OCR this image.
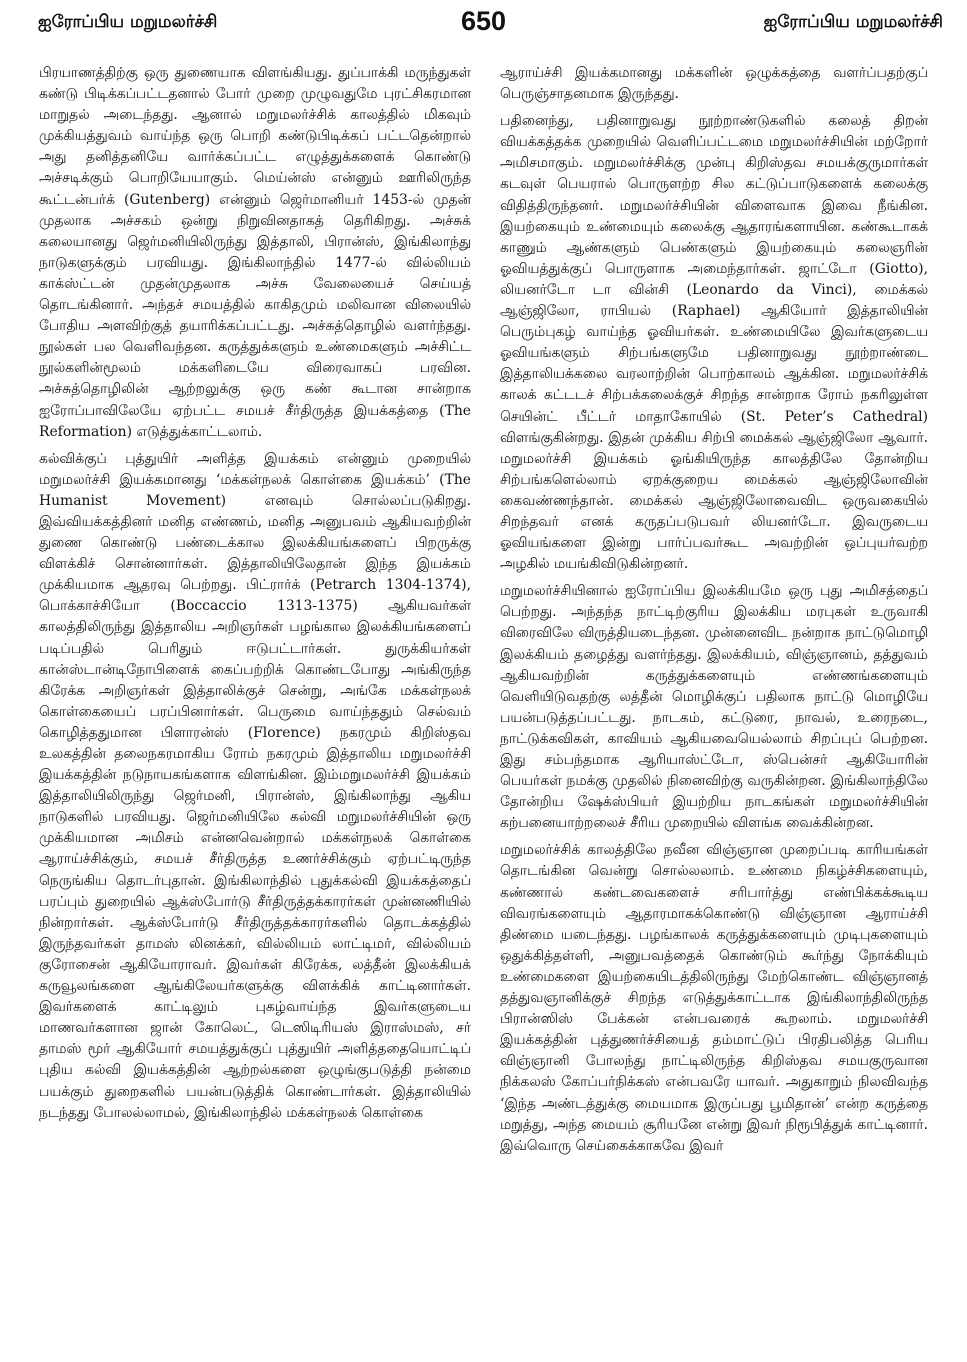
ஐரோப்பிய மறுமலர்ச்சி	650	ஐரோப்பிய மறுமலர்ச்சி

பிரயாணத்திற்கு ஒரு துணையாக விளங்கியது. துப்பாக்கி மருந்துகள் கண்டு பிடிக்கப்பட்டதனால் போர் முறை முழுவதுமே புரட்சிகரமான மாறுதல் அடைந்தது. ஆனால் மறுமலர்ச்சிக் காலத்தில் மிகவும் முக்கியத்துவம் வாய்ந்த ஒரு பொறி கண்டுபிடிக்கப் பட்டதென்றால் அது தனித்தனியே வார்க்கப்பட்ட எழுத்துக்களைக் கொண்டு அச்சடிக்கும் பொறியேயாகும். மெய்ன்ஸ் என்னும் ஊரிலிருந்த கூட்டன்பர்க் (Gutenberg) என்னும் ஜெர்மானியர் 1453-ல் முதன் முதலாக அச்சகம் ஒன்று நிறுவினதாகத் தெரிகிறது. அச்சுக் கலையானது ஜெர்மனியிலிருந்து இத்தாலி, பிரான்ஸ், இங்கிலாந்து நாடுகளுக்கும் பரவியது. இங்கிலாந்தில் 1477-ல் வில்லியம் காக்ஸ்ட்டன் முதன்முதலாக அச்சு வேலையைச் செய்யத் தொடங்கினார். அந்தச் சமயத்தில் காகிதமும் மலிவான விலையில் போதிய அளவிற்குத் தயாரிக்கப்பட்டது. அச்சுத்தொழில் வளர்ந்தது. நூல்கள் பல வெளிவந்தன. கருத்துக்களும் உண்மைகளும் அச்சிட்ட நூல்களின்மூலம் மக்களிடையே விரைவாகப் பரவின. அச்சுத்தொழிலின் ஆற்றலுக்கு ஒரு கண் கூடான சான்றாக ஐரோப்பாவிலேயே ஏற்பட்ட சமயச் சீர்திருத்த இயக்கத்தை (The Reformation) எடுத்துக்காட்டலாம்.

கல்விக்குப் புத்துயிர் அளித்த இயக்கம் என்னும் முறையில் மறுமலர்ச்சி இயக்கமானது ‘மக்கள்நலக் கொள்கை இயக்கம்’ (The Humanist Movement) எனவும் சொல்லப்படுகிறது. இவ்வியக்கத்தினர் மனித எண்ணம், மனித அனுபவம் ஆகியவற்றின் துணை கொண்டு பண்டைக்கால இலக்கியங்களைப் பிறருக்கு விளக்கிச் சொன்னார்கள். இத்தாலியிலேதான் இந்த இயக்கம் முக்கியமாக ஆதரவு பெற்றது. பிட்ரார்க் (Petrarch 1304-1374), பொக்காச்சியோ (Boccaccio 1313-1375) ஆகியவர்கள் காலத்திலிருந்து இத்தாலிய அறிஞர்கள் பழங்கால இலக்கியங்களைப் படிப்பதில் பெரிதும் ஈடுபட்டார்கள். துருக்கியர்கள் கான்ஸ்டான்டிநோபிளைக் கைப்பற்றிக் கொண்டபோது அங்கிருந்த கிரேக்க அறிஞர்கள் இத்தாலிக்குச் சென்று, அங்கே மக்கள்நலக் கொள்கையைப் பரப்பினார்கள். பெருமை வாய்ந்ததும் செல்வம் கொழித்ததுமான பிளாரன்ஸ் (Florence) நகரமும் கிறிஸ்தவ உலகத்தின் தலைநகரமாகிய ரோம் நகரமும் இத்தாலிய மறுமலர்ச்சி இயக்கத்தின் நடுநாயகங்களாக விளங்கின. இம்மறுமலர்ச்சி இயக்கம் இத்தாலியிலிருந்து ஜெர்மனி, பிரான்ஸ், இங்கிலாந்து ஆகிய நாடுகளில் பரவியது. ஜெர்மனியிலே கல்வி மறுமலர்ச்சியின் ஒரு முக்கியமான அமிசம் என்னவென்றால் மக்கள்நலக் கொள்கை ஆராய்ச்சிக்கும், சமயச் சீர்திருத்த உணர்ச்சிக்கும் ஏற்பட்டிருந்த நெருங்கிய தொடர்புதான். இங்கிலாந்தில் புதுக்கல்வி இயக்கத்தைப் பரப்பும் துறையில் ஆக்ஸ்போர்டு சீர்திருத்தக்காரர்கள் முன்னணியில் நின்றார்கள். ஆக்ஸ்போர்டு சீர்திருத்தக்காரர்களில் தொடக்கத்தில் இருந்தவர்கள் தாமஸ் லினக்கர், வில்லியம் லாட்டிமர், வில்லியம் குரோசைன் ஆகியோராவர். இவர்கள் கிரேக்க, லத்தீன் இலக்கியக் கருவூலங்களை ஆங்கிலேயர்களுக்கு விளக்கிக் காட்டினார்கள். இவர்களைக் காட்டிலும் புகழ்வாய்ந்த இவர்களுடைய மாணவர்களான ஜான் கோலெட், டெஸிடிரியஸ் இராஸ்மஸ், சர் தாமஸ் மூர் ஆகியோர் சமயத்துக்குப் புத்துயிர் அளித்ததையொட்டிப் புதிய கல்வி இயக்கத்தின் ஆற்றல்களை ஒழுங்குபடுத்தி நன்மை பயக்கும் துறைகளில் பயன்படுத்திக் கொண்டார்கள். இத்தாலியில் நடந்தது போலல்லாமல், இங்கிலாந்தில் மக்கள்நலக் கொள்கை

ஆராய்ச்சி இயக்கமானது மக்களின் ஒழுக்கத்தை வளர்ப்பதற்குப் பெருஞ்சாதனமாக இருந்தது.

பதினைந்து, பதினாறுவது நூற்றாண்டுகளில் கலைத் திறன் வியக்கத்தக்க முறையில் வெளிப்பட்டமை மறுமலர்ச்சியின் மற்றோர் அமிசமாகும். மறுமலர்ச்சிக்கு முன்பு கிறிஸ்தவ சமயக்குருமார்கள் கடவுள் பெயரால் பொருளற்ற சில கட்டுப்பாடுகளைக் கலைக்கு விதித்திருந்தனர். மறுமலர்ச்சியின் விளைவாக இவை நீங்கின. இயற்கையும் உண்மையும் கலைக்கு ஆதாரங்களாயின. கண்கூடாகக் காணும் ஆண்களும் பெண்களும் இயற்கையும் கலைஞரின் ஓவியத்துக்குப் பொருளாக அமைந்தார்கள். ஜாட்டோ (Giotto), லியனர்டோ டா வின்சி (Leonardo da Vinci), மைக்கல் ஆஞ்ஜிலோ, ராபியல் (Raphael) ஆகியோர் இத்தாலியின் பெரும்புகழ் வாய்ந்த ஓவியர்கள். உண்மையிலே இவர்களுடைய ஓவியங்களும் சிற்பங்களுமே பதினாறுவது நூற்றாண்டை இத்தாலியக்கலை வரலாற்றின் பொற்காலம் ஆக்கின. மறுமலர்ச்சிக் காலக் கட்டடச் சிற்பக்கலைக்குச் சிறந்த சான்றாக ரோம் நகரிலுள்ள செயின்ட் பீட்டர் மாதாகோயில் (St. Peter’s Cathedral) விளங்குகின்றது. இதன் முக்கிய சிற்பி மைக்கல் ஆஞ்ஜிலோ ஆவார். மறுமலர்ச்சி இயக்கம் ஓங்கியிருந்த காலத்திலே தோன்றிய சிற்பங்களெல்லாம் ஏறக்குறைய மைக்கல் ஆஞ்ஜிலோவின் கைவண்ணந்தான். மைக்கல் ஆஞ்ஜிலோவைவிட ஒருவகையில் சிறந்தவர் எனக் கருதப்படுபவர் லியனர்டோ. இவருடைய ஓவியங்களை இன்று பார்ப்பவர்கூட அவற்றின் ஒப்புயர்வற்ற அழகில் மயங்கிவிடுகின்றனர்.

மறுமலர்ச்சியினால் ஐரோப்பிய இலக்கியமே ஒரு புது அமிசத்தைப் பெற்றது. அந்தந்த நாட்டிற்குரிய இலக்கிய மரபுகள் உருவாகி விரைவிலே விருத்தியடைந்தன. முன்னைவிட நன்றாக நாட்டுமொழி இலக்கியம் தழைத்து வளர்ந்தது. இலக்கியம், விஞ்ஞானம், தத்துவம் ஆகியவற்றின் கருத்துக்களையும் எண்ணங்களையும் வெளியிடுவதற்கு லத்தீன் மொழிக்குப் பதிலாக நாட்டு மொழியே பயன்படுத்தப்பட்டது. நாடகம், கட்டுரை, நாவல், உரைநடை, நாட்டுக்கவிகள், காவியம் ஆகியவையெல்லாம் சிறப்புப் பெற்றன. இது சம்பந்தமாக ஆரியாஸ்ட்டோ, ஸ்பென்சர் ஆகியோரின் பெயர்கள் நமக்கு முதலில் நினைவிற்கு வருகின்றன. இங்கிலாந்திலே தோன்றிய ஷேக்ஸ்பியர் இயற்றிய நாடகங்கள் மறுமலர்ச்சியின் கற்பனையாற்றலைச் சீரிய முறையில் விளங்க வைக்கின்றன.

மறுமலர்ச்சிக் காலத்திலே நவீன விஞ்ஞான முறைப்படி காரியங்கள் தொடங்கின வென்று சொல்லலாம். உண்மை நிகழ்ச்சிகளையும், கண்ணால் கண்டவைகளைச் சரிபார்த்து எண்பிக்கக்கூடிய விவரங்களையும் ஆதாரமாகக்கொண்டு விஞ்ஞான ஆராய்ச்சி திண்மை யடைந்தது. பழங்காலக் கருத்துக்களையும் முடிபுகளையும் ஒதுக்கித்தள்ளி, அனுபவத்தைக் கொண்டும் கூர்ந்து நோக்கியும் உண்மைகளை இயற்கையிடத்திலிருந்து மேற்கொண்ட விஞ்ஞானத் தத்துவஞானிக்குச் சிறந்த எடுத்துக்காட்டாக இங்கிலாந்திலிருந்த பிரான்ஸிஸ் பேக்கன் என்பவரைக் கூறலாம். மறுமலர்ச்சி இயக்கத்தின் புத்துணர்ச்சியைத் தம்மாட்டுப் பிரதிபலித்த பெரிய விஞ்ஞானி போலந்து நாட்டிலிருந்த கிறிஸ்தவ சமயகுருவான நிக்கலஸ் கோப்பர்நிக்கஸ் என்பவரே யாவர். அதுகாறும் நிலவிவந்த ‘இந்த அண்டத்துக்கு மையமாக இருப்பது பூமிதான்’ என்ற கருத்தை மறுத்து, அந்த மையம் சூரியனே என்று இவர் நிரூபித்துக் காட்டினார். இவ்வொரு செய்கைக்காகவே இவர்
